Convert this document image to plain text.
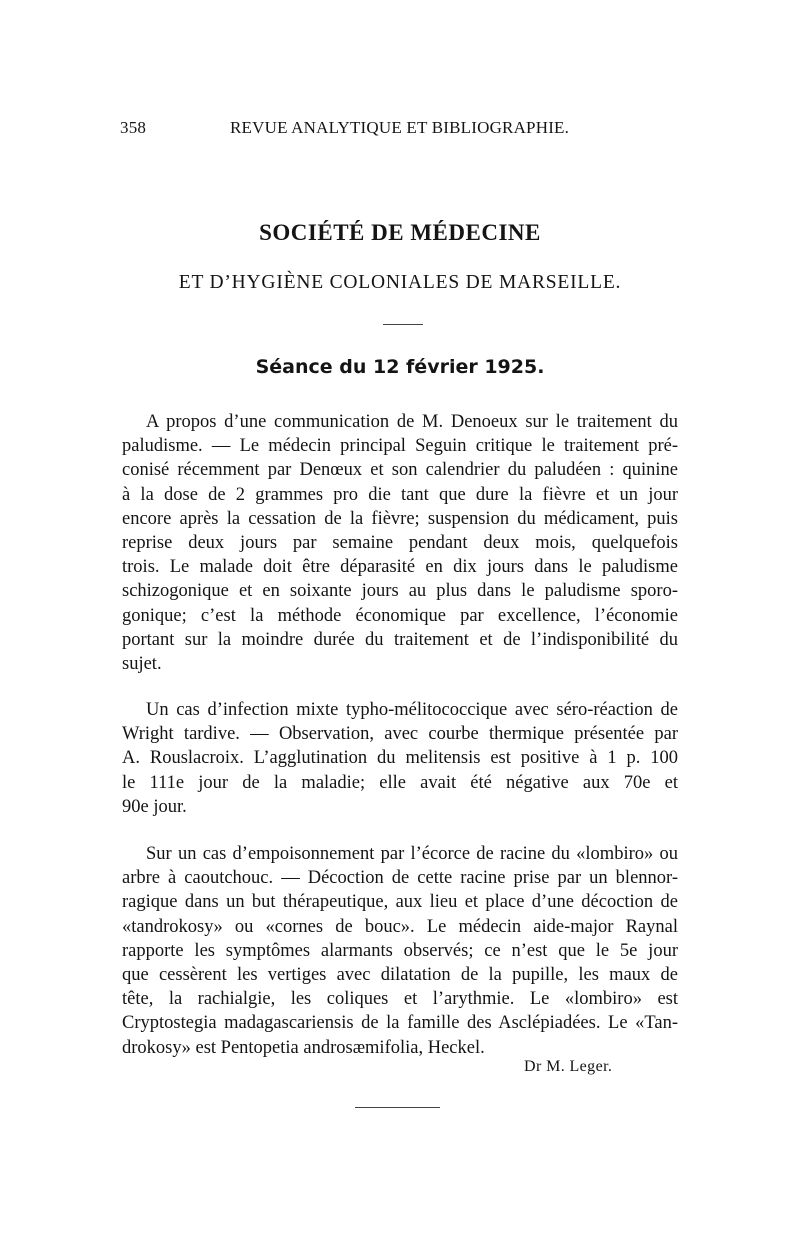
358	REVUE ANALYTIQUE ET BIBLIOGRAPHIE.
SOCIÉTÉ DE MÉDECINE
ET D’HYGIÈNE COLONIALES DE MARSEILLE.
Séance du 12 février 1925.
A propos d’une communication de M. Denoeux sur le traitement du
paludisme. — Le médecin principal Seguin critique le traitement pré-
conisé récemment par Denœux et son calendrier du paludéen : quinine
à la dose de 2 grammes pro die tant que dure la fièvre et un jour
encore après la cessation de la fièvre; suspension du médicament, puis
reprise deux jours par semaine pendant deux mois, quelquefois
trois. Le malade doit être déparasité en dix jours dans le paludisme
schizogonique et en soixante jours au plus dans le paludisme sporo-
gonique; c’est la méthode économique par excellence, l’économie
portant sur la moindre durée du traitement et de l’indisponibilité du
sujet.
Un cas d’infection mixte typho-mélitococcique avec séro-réaction de
Wright tardive. — Observation, avec courbe thermique présentée par
A. Rouslacroix. L’agglutination du melitensis est positive à 1 p. 100
le 111e jour de la maladie; elle avait été négative aux 70e et
90e jour.
Sur un cas d’empoisonnement par l’écorce de racine du «lombiro» ou
arbre à caoutchouc. — Décoction de cette racine prise par un blennor-
ragique dans un but thérapeutique, aux lieu et place d’une décoction de
«tandrokosy» ou «cornes de bouc». Le médecin aide-major Raynal
rapporte les symptômes alarmants observés; ce n’est que le 5e jour
que cessèrent les vertiges avec dilatation de la pupille, les maux de
tête, la rachialgie, les coliques et l’arythmie. Le «lombiro» est
Cryptostegia madagascariensis de la famille des Asclépiadées. Le «Tan-
drokosy» est Pentopetia androsæmifolia, Heckel.
Dr M. Leger.
